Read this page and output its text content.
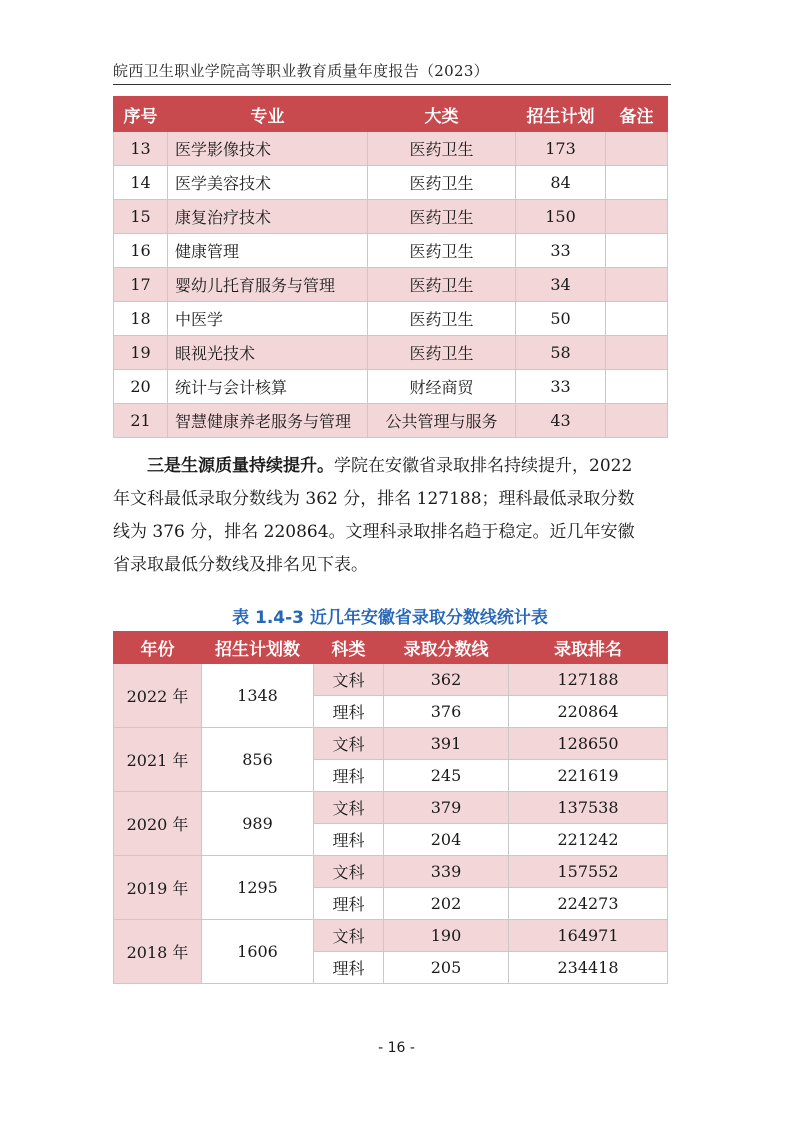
皖西卫生职业学院高等职业教育质量年度报告（2023）
序号	专业	大类	招生计划	备注
13	医学影像技术	医药卫生	173	
14	医学美容技术	医药卫生	84	
15	康复治疗技术	医药卫生	150	
16	健康管理	医药卫生	33	
17	婴幼儿托育服务与管理	医药卫生	34	
18	中医学	医药卫生	50	
19	眼视光技术	医药卫生	58	
20	统计与会计核算	财经商贸	33	
21	智慧健康养老服务与管理	公共管理与服务	43	

三是生源质量持续提升。学院在安徽省录取排名持续提升，2022

年文科最低录取分数线为 362 分，排名 127188；理科最低录取分数

线为 376 分，排名 220864。文理科录取排名趋于稳定。近几年安徽

省录取最低分数线及排名见下表。

表 1.4-3 近几年安徽省录取分数线统计表
年份	招生计划数	科类	录取分数线	录取排名
2022 年	1348	文科	362	127188
		理科	376	220864
2021 年	856	文科	391	128650
		理科	245	221619
2020 年	989	文科	379	137538
		理科	204	221242
2019 年	1295	文科	339	157552
		理科	202	224273
2018 年	1606	文科	190	164971
		理科	205	234418
- 16 -
